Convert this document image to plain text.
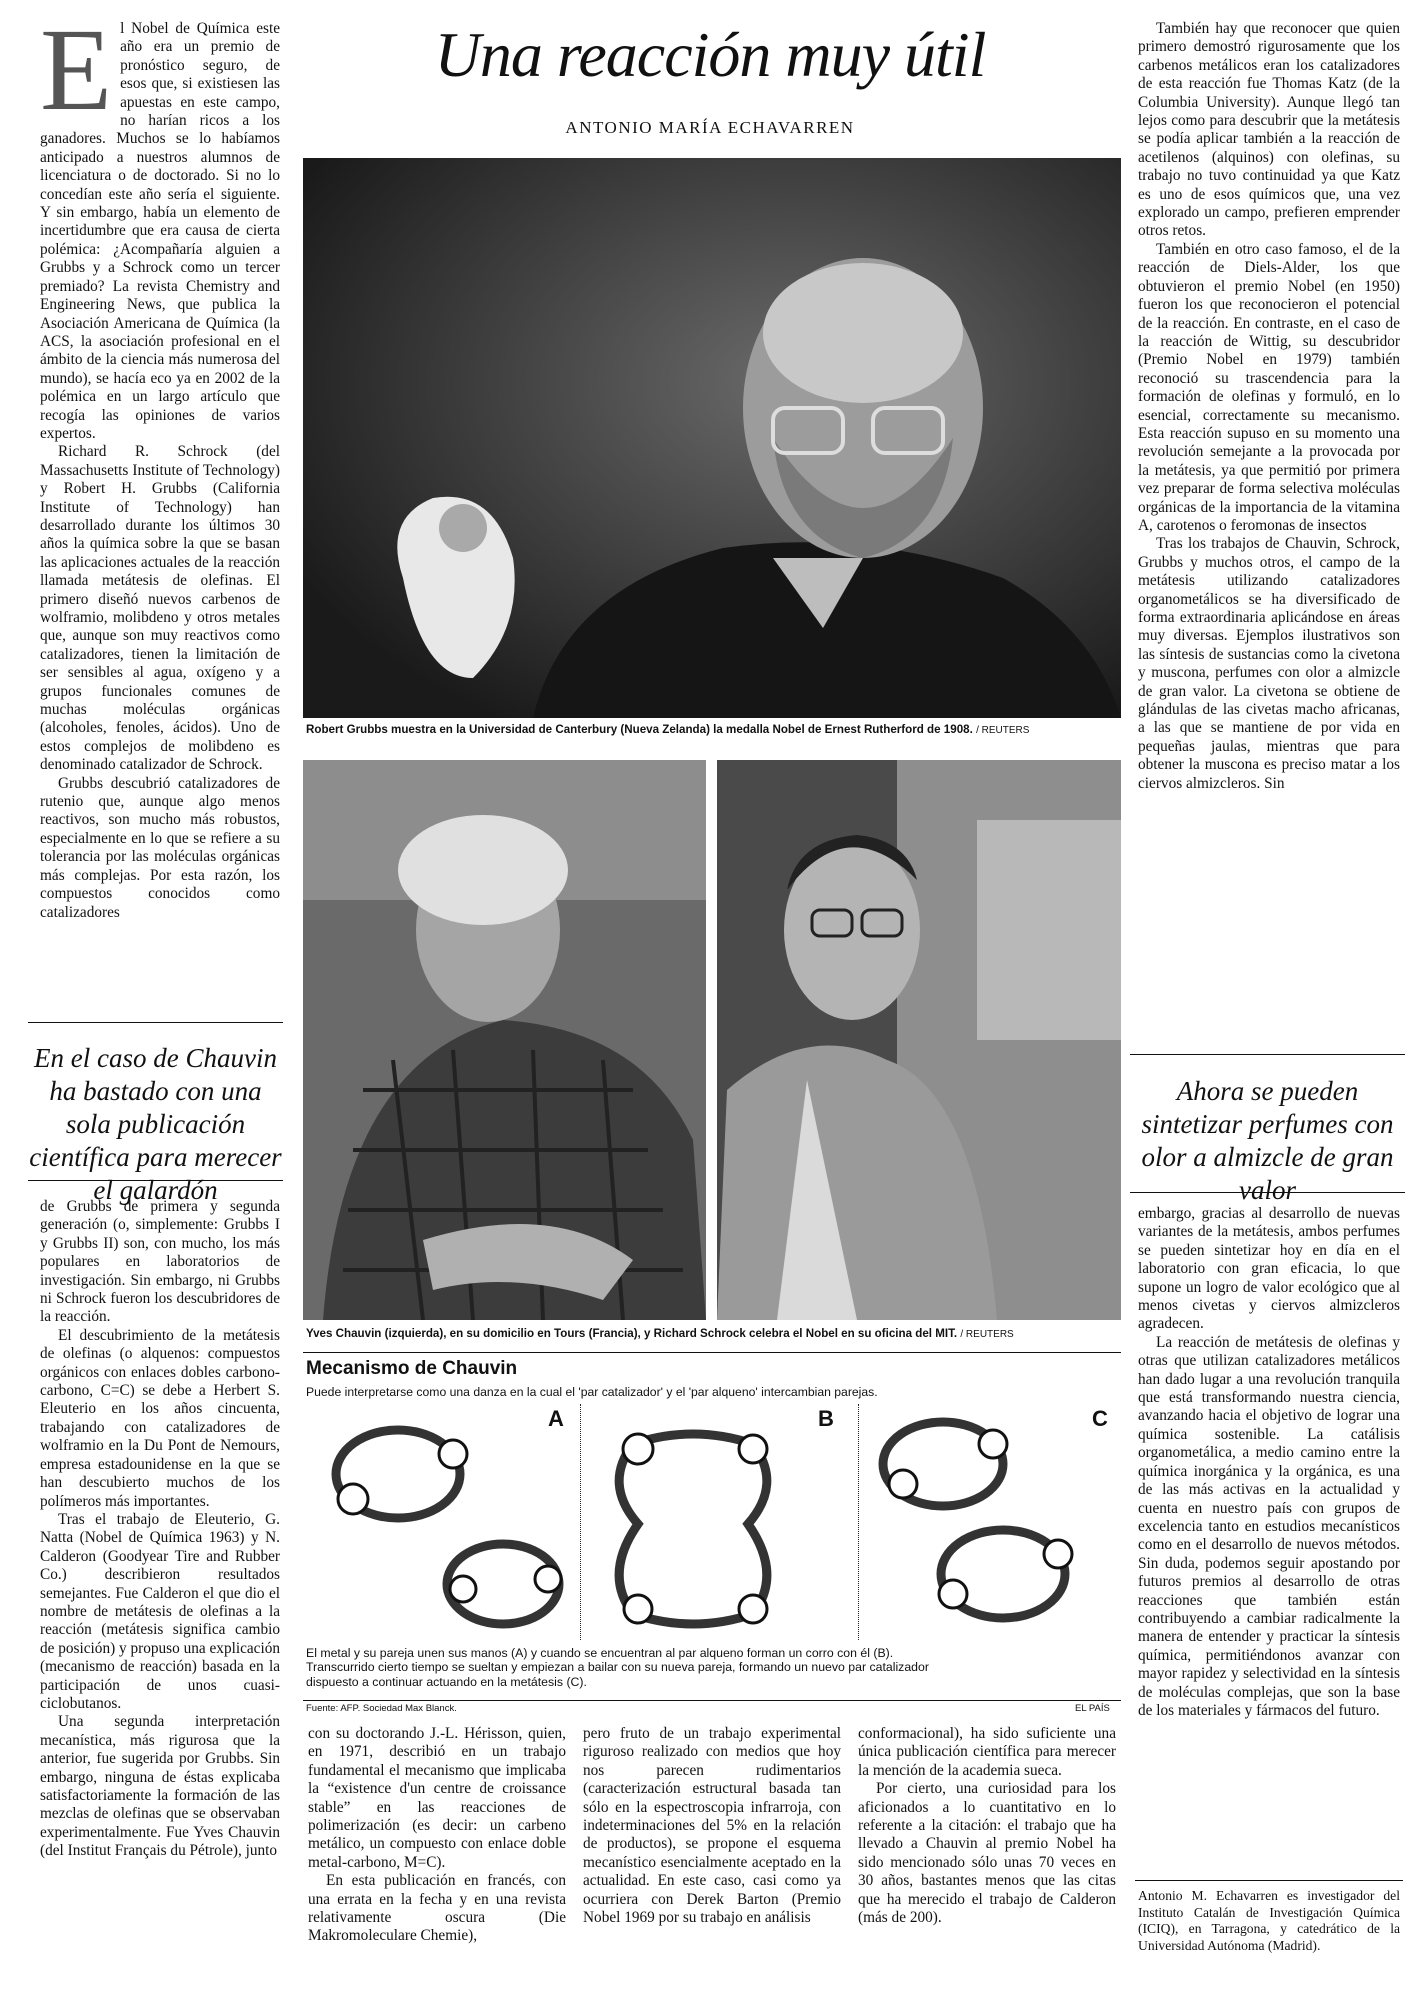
Una reacción muy útil
ANTONIO MARÍA ECHAVARREN

El Nobel de Química este año era un premio de pronóstico seguro, de esos que, si existiesen las apuestas en este campo, no harían ricos a los ganadores. Muchos se lo habíamos anticipado a nuestros alumnos de licenciatura o de doctorado. Si no lo concedían este año sería el siguiente. Y sin embargo, había un elemento de incertidumbre que era causa de cierta polémica: ¿Acompañaría alguien a Grubbs y a Schrock como un tercer premiado? La revista Chemistry and Engineering News, que publica la Asociación Americana de Química (la ACS, la asociación profesional en el ámbito de la ciencia más numerosa del mundo), se hacía eco ya en 2002 de la polémica en un largo artículo que recogía las opiniones de varios expertos.

Richard R. Schrock (del Massachusetts Institute of Technology) y Robert H. Grubbs (California Institute of Technology) han desarrollado durante los últimos 30 años la química sobre la que se basan las aplicaciones actuales de la reacción llamada metátesis de olefinas. El primero diseñó nuevos carbenos de wolframio, molibdeno y otros metales que, aunque son muy reactivos como catalizadores, tienen la limitación de ser sensibles al agua, oxígeno y a grupos funcionales comunes de muchas moléculas orgánicas (alcoholes, fenoles, ácidos). Uno de estos complejos de molibdeno es denominado catalizador de Schrock.

Grubbs descubrió catalizadores de rutenio que, aunque algo menos reactivos, son mucho más robustos, especialmente en lo que se refiere a su tolerancia por las moléculas orgánicas más complejas. Por esta razón, los compuestos conocidos como catalizadores

En el caso de Chauvin ha bastado con una sola publicación científica para merecer el galardón

de Grubbs de primera y segunda generación (o, simplemente: Grubbs I y Grubbs II) son, con mucho, los más populares en laboratorios de investigación. Sin embargo, ni Grubbs ni Schrock fueron los descubridores de la reacción.

El descubrimiento de la metátesis de olefinas (o alquenos: compuestos orgánicos con enlaces dobles carbono-carbono, C=C) se debe a Herbert S. Eleuterio en los años cincuenta, trabajando con catalizadores de wolframio en la Du Pont de Nemours, empresa estadounidense en la que se han descubierto muchos de los polímeros más importantes.

Tras el trabajo de Eleuterio, G. Natta (Nobel de Química 1963) y N. Calderon (Goodyear Tire and Rubber Co.) describieron resultados semejantes. Fue Calderon el que dio el nombre de metátesis de olefinas a la reacción (metátesis significa cambio de posición) y propuso una explicación (mecanismo de reacción) basada en la participación de unos cuasi-ciclobutanos.

Una segunda interpretación mecanística, más rigurosa que la anterior, fue sugerida por Grubbs. Sin embargo, ninguna de éstas explicaba satisfactoriamente la formación de las mezclas de olefinas que se observaban experimentalmente. Fue Yves Chauvin (del Institut Français du Pétrole), junto

Robert Grubbs muestra en la Universidad de Canterbury (Nueva Zelanda) la medalla Nobel de Ernest Rutherford de 1908. / REUTERS
Yves Chauvin (izquierda), en su domicilio en Tours (Francia), y Richard Schrock celebra el Nobel en su oficina del MIT. / REUTERS
Mecanismo de Chauvin
Puede interpretarse como una danza en la cual el 'par catalizador' y el 'par alqueno' intercambian parejas.
A	B	C
El metal y su pareja unen sus manos (A) y cuando se encuentran al par alqueno forman un corro con él (B).
Transcurrido cierto tiempo se sueltan y empiezan a bailar con su nueva pareja, formando un nuevo par catalizador
dispuesto a continuar actuando en la metátesis (C).
Fuente: AFP. Sociedad Max Blanck.	EL PAÍS

con su doctorando J.-L. Hérisson, quien, en 1971, describió en un trabajo fundamental el mecanismo que implicaba la “existence d'un centre de croissance stable” en las reacciones de polimerización (es decir: un carbeno metálico, un compuesto con enlace doble metal-carbono, M=C).

En esta publicación en francés, con una errata en la fecha y en una revista relativamente oscura (Die Makromoleculare Chemie),

pero fruto de un trabajo experimental riguroso realizado con medios que hoy nos parecen rudimentarios (caracterización estructural basada tan sólo en la espectroscopia infrarroja, con indeterminaciones del 5% en la relación de productos), se propone el esquema mecanístico esencialmente aceptado en la actualidad. En este caso, casi como ya ocurriera con Derek Barton (Premio Nobel 1969 por su trabajo en análisis

conformacional), ha sido suficiente una única publicación científica para merecer la mención de la academia sueca.

Por cierto, una curiosidad para los aficionados a lo cuantitativo en lo referente a la citación: el trabajo que ha llevado a Chauvin al premio Nobel ha sido mencionado sólo unas 70 veces en 30 años, bastantes menos que las citas que ha merecido el trabajo de Calderon (más de 200).

También hay que reconocer que quien primero demostró rigurosamente que los carbenos metálicos eran los catalizadores de esta reacción fue Thomas Katz (de la Columbia University). Aunque llegó tan lejos como para descubrir que la metátesis se podía aplicar también a la reacción de acetilenos (alquinos) con olefinas, su trabajo no tuvo continuidad ya que Katz es uno de esos químicos que, una vez explorado un campo, prefieren emprender otros retos.

También en otro caso famoso, el de la reacción de Diels-Alder, los que obtuvieron el premio Nobel (en 1950) fueron los que reconocieron el potencial de la reacción. En contraste, en el caso de la reacción de Wittig, su descubridor (Premio Nobel en 1979) también reconoció su trascendencia para la formación de olefinas y formuló, en lo esencial, correctamente su mecanismo. Esta reacción supuso en su momento una revolución semejante a la provocada por la metátesis, ya que permitió por primera vez preparar de forma selectiva moléculas orgánicas de la importancia de la vitamina A, carotenos o feromonas de insectos

Tras los trabajos de Chauvin, Schrock, Grubbs y muchos otros, el campo de la metátesis utilizando catalizadores organometálicos se ha diversificado de forma extraordinaria aplicándose en áreas muy diversas. Ejemplos ilustrativos son las síntesis de sustancias como la civetona y muscona, perfumes con olor a almizcle de gran valor. La civetona se obtiene de glándulas de las civetas macho africanas, a las que se mantiene de por vida en pequeñas jaulas, mientras que para obtener la muscona es preciso matar a los ciervos almizcleros. Sin

Ahora se pueden sintetizar perfumes con olor a almizcle de gran valor

embargo, gracias al desarrollo de nuevas variantes de la metátesis, ambos perfumes se pueden sintetizar hoy en día en el laboratorio con gran eficacia, lo que supone un logro de valor ecológico que al menos civetas y ciervos almizcleros agradecen.

La reacción de metátesis de olefinas y otras que utilizan catalizadores metálicos han dado lugar a una revolución tranquila que está transformando nuestra ciencia, avanzando hacia el objetivo de lograr una química sostenible. La catálisis organometálica, a medio camino entre la química inorgánica y la orgánica, es una de las más activas en la actualidad y cuenta en nuestro país con grupos de excelencia tanto en estudios mecanísticos como en el desarrollo de nuevos métodos. Sin duda, podemos seguir apostando por futuros premios al desarrollo de otras reacciones que también están contribuyendo a cambiar radicalmente la manera de entender y practicar la síntesis química, permitiéndonos avanzar con mayor rapidez y selectividad en la síntesis de moléculas complejas, que son la base de los materiales y fármacos del futuro.

Antonio M. Echavarren es investigador del Instituto Catalán de Investigación Química (ICIQ), en Tarragona, y catedrático de la Universidad Autónoma (Madrid).
